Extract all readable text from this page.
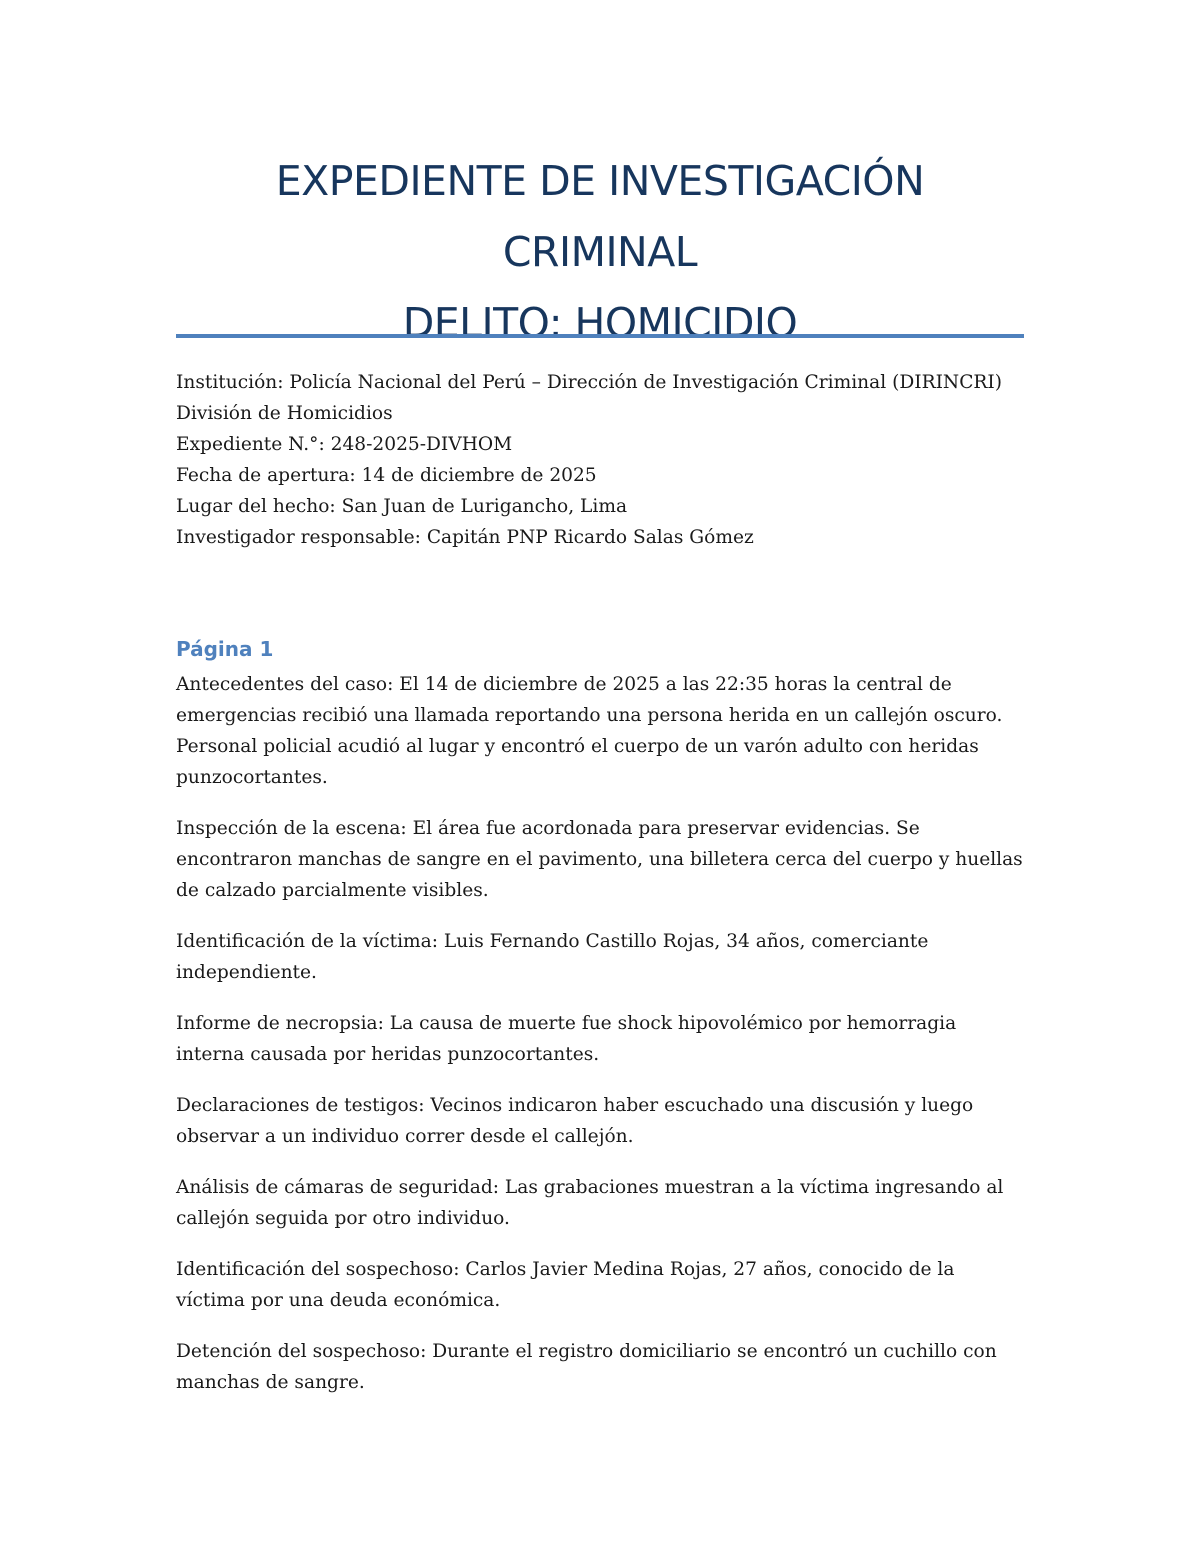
EXPEDIENTE DE INVESTIGACIÓN
CRIMINAL
DELITO: HOMICIDIO
Institución: Policía Nacional del Perú – Dirección de Investigación Criminal (DIRINCRI)
División de Homicidios
Expediente N.°: 248-2025-DIVHOM
Fecha de apertura: 14 de diciembre de 2025
Lugar del hecho: San Juan de Lurigancho, Lima
Investigador responsable: Capitán PNP Ricardo Salas Gómez
Página 1

Antecedentes del caso: El 14 de diciembre de 2025 a las 22:35 horas la central de
emergencias recibió una llamada reportando una persona herida en un callejón oscuro.
Personal policial acudió al lugar y encontró el cuerpo de un varón adulto con heridas
punzocortantes.

Inspección de la escena: El área fue acordonada para preservar evidencias. Se
encontraron manchas de sangre en el pavimento, una billetera cerca del cuerpo y huellas
de calzado parcialmente visibles.

Identificación de la víctima: Luis Fernando Castillo Rojas, 34 años, comerciante
independiente.

Informe de necropsia: La causa de muerte fue shock hipovolémico por hemorragia
interna causada por heridas punzocortantes.

Declaraciones de testigos: Vecinos indicaron haber escuchado una discusión y luego
observar a un individuo correr desde el callejón.

Análisis de cámaras de seguridad: Las grabaciones muestran a la víctima ingresando al
callejón seguida por otro individuo.

Identificación del sospechoso: Carlos Javier Medina Rojas, 27 años, conocido de la
víctima por una deuda económica.

Detención del sospechoso: Durante el registro domiciliario se encontró un cuchillo con
manchas de sangre.
